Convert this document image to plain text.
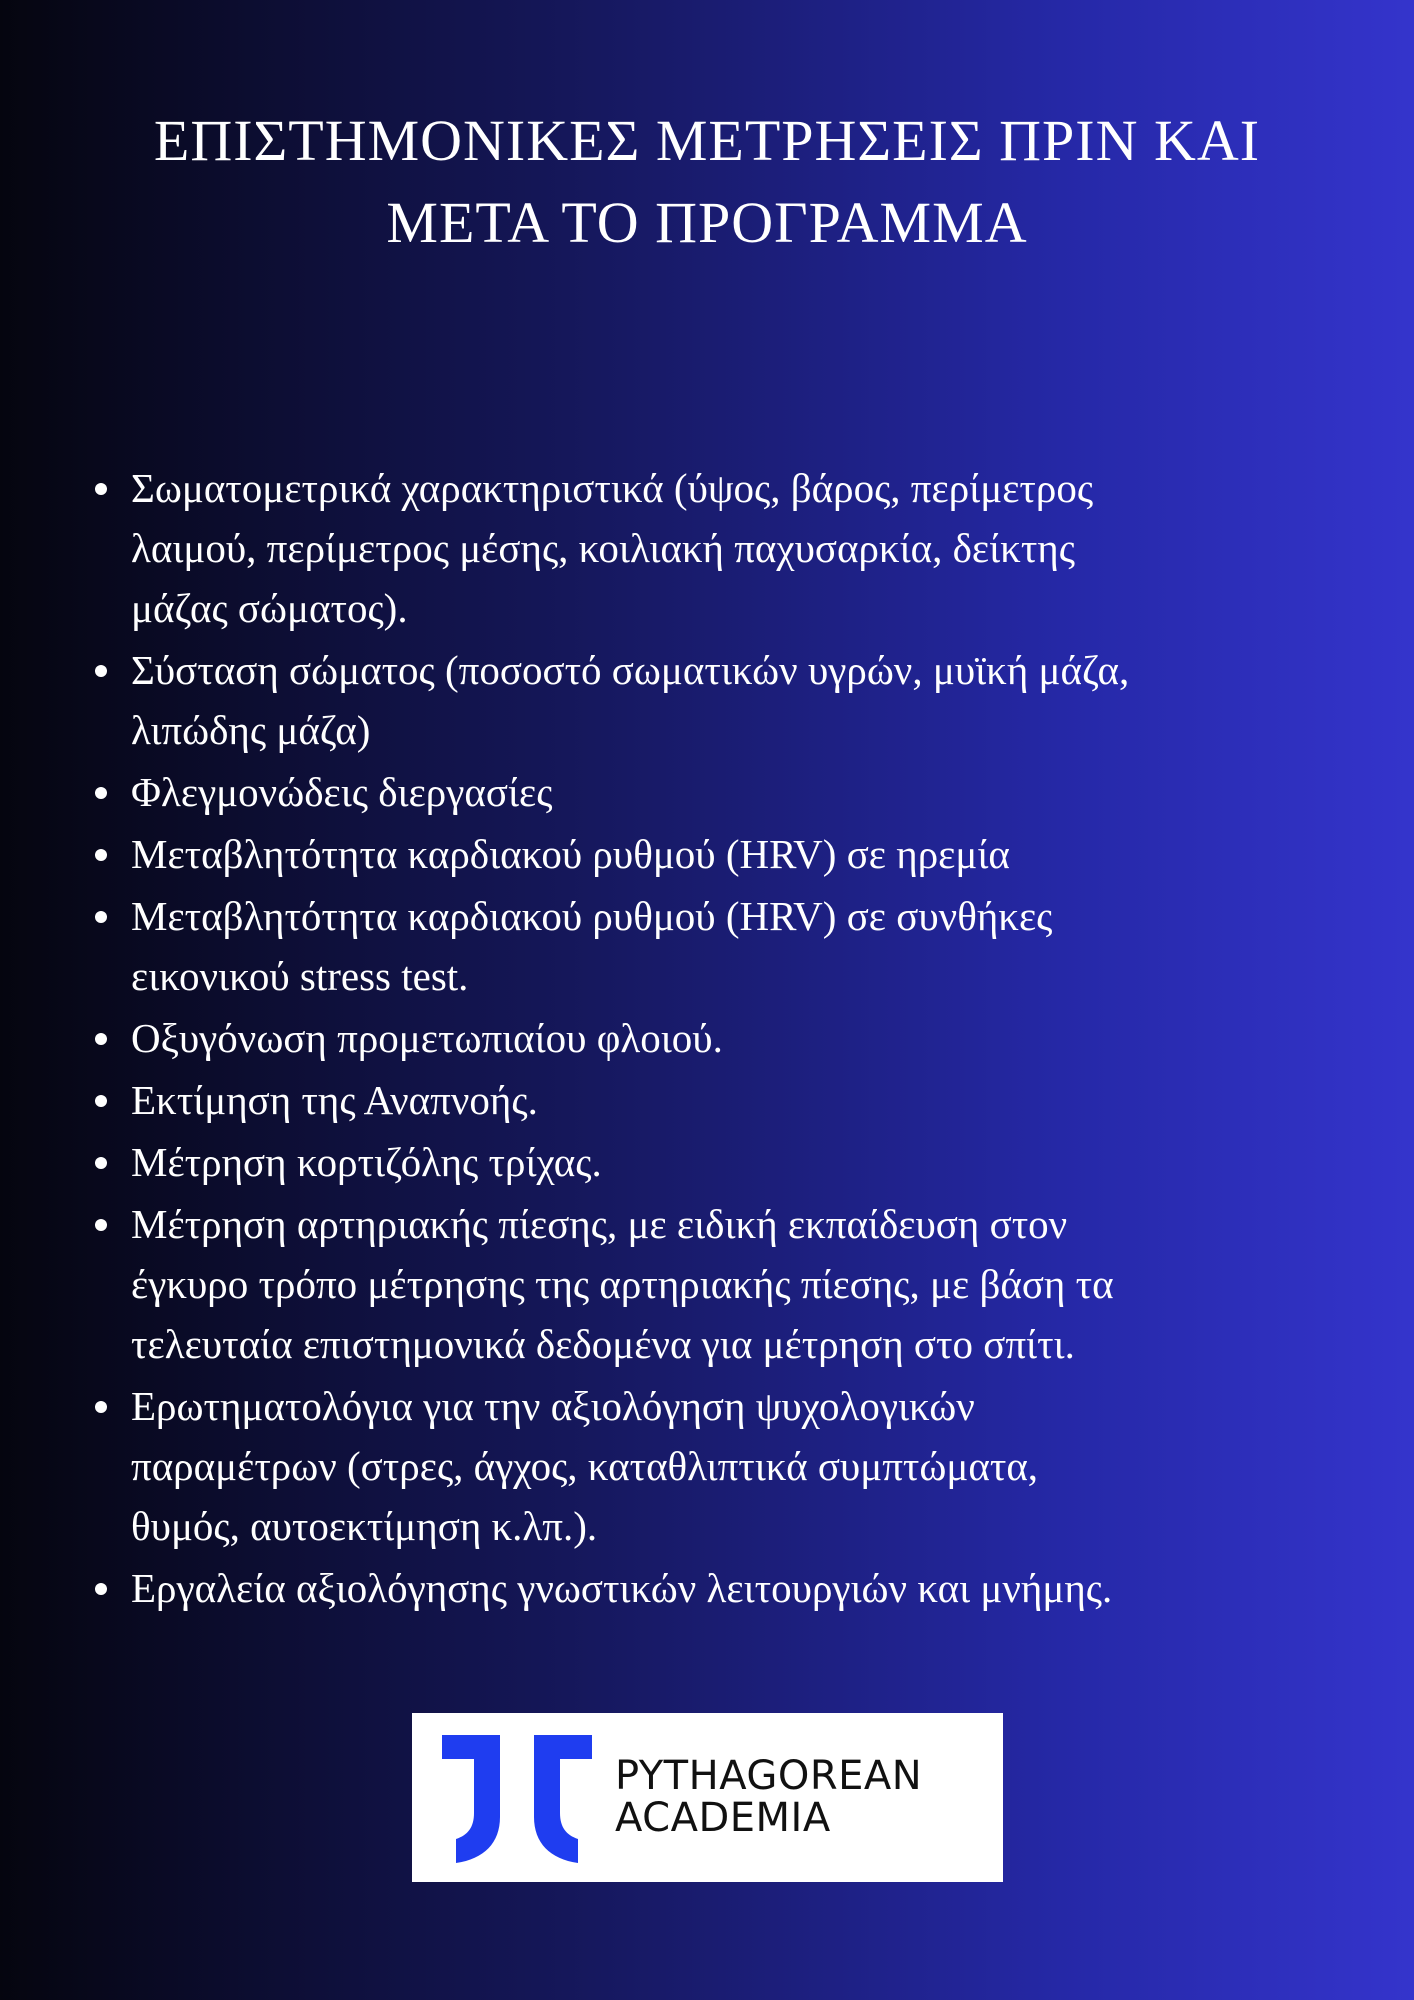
ΕΠΙΣΤΗΜΟΝΙΚΕΣ ΜΕΤΡΗΣΕΙΣ ΠΡΙΝ ΚΑΙ
ΜΕΤΑ ΤΟ ΠΡΟΓΡΑΜΜΑ
Σωματομετρικά χαρακτηριστικά (ύψος, βάρος, περίμετρος
λαιμού, περίμετρος μέσης, κοιλιακή παχυσαρκία, δείκτης
μάζας σώματος).
Σύσταση σώματος (ποσοστό σωματικών υγρών, μυϊκή μάζα,
λιπώδης μάζα)
Φλεγμονώδεις διεργασίες
Μεταβλητότητα καρδιακού ρυθμού (HRV) σε ηρεμία
Μεταβλητότητα καρδιακού ρυθμού (HRV) σε συνθήκες
εικονικού stress test.
Οξυγόνωση προμετωπιαίου φλοιού.
Εκτίμηση της Αναπνοής.
Μέτρηση κορτιζόλης τρίχας.
Μέτρηση αρτηριακής πίεσης, με ειδική εκπαίδευση στον
έγκυρο τρόπο μέτρησης της αρτηριακής πίεσης, με βάση τα
τελευταία επιστημονικά δεδομένα για μέτρηση στο σπίτι.
Ερωτηματολόγια για την αξιολόγηση ψυχολογικών
παραμέτρων (στρες, άγχος, καταθλιπτικά συμπτώματα,
θυμός, αυτοεκτίμηση κ.λπ.).
Εργαλεία αξιολόγησης γνωστικών λειτουργιών και μνήμης.
PYTHAGOREAN
ACADEMIA
